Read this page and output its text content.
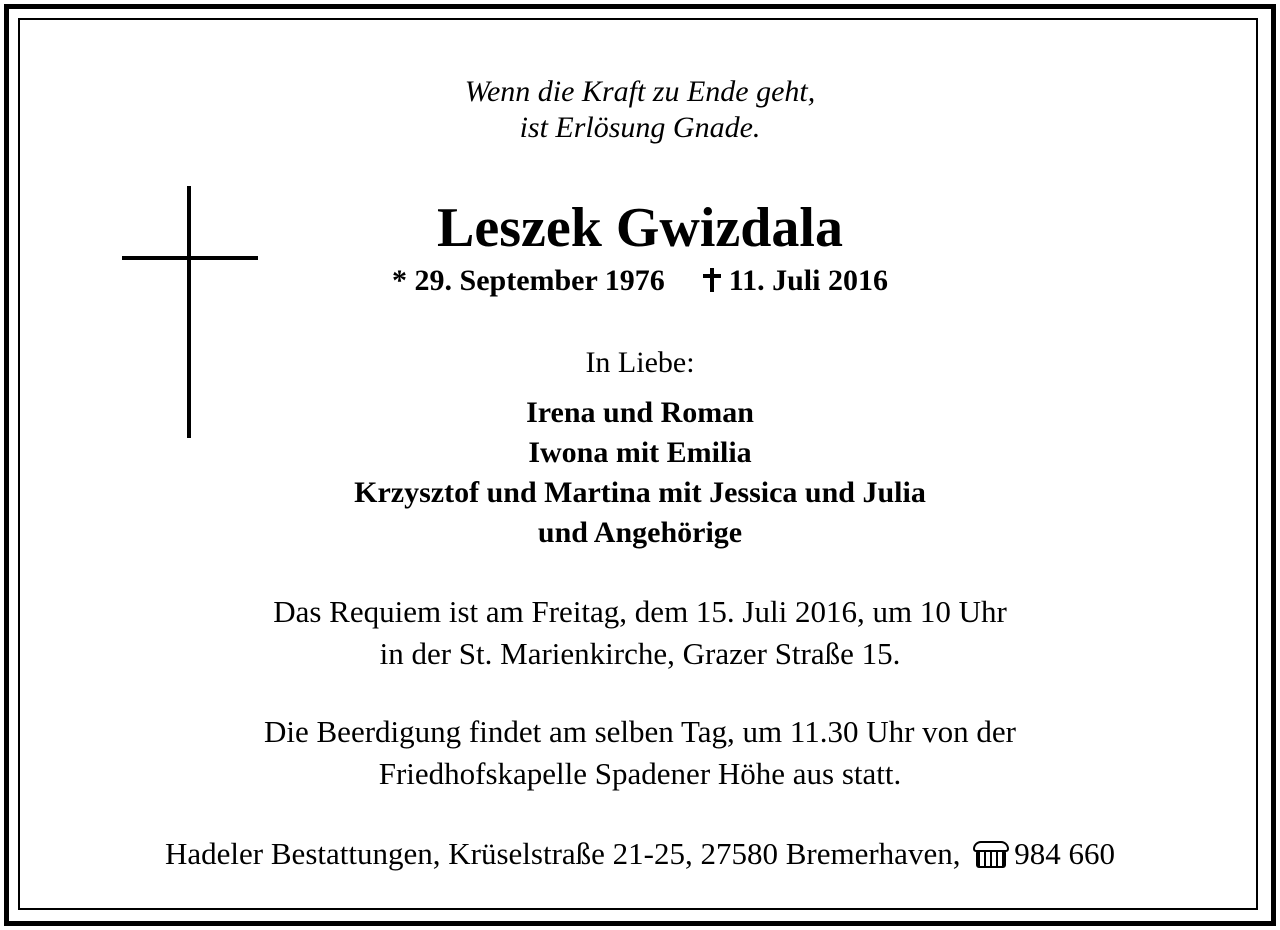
Wenn die Kraft zu Ende geht,
ist Erlösung Gnade.
Leszek Gwizdala
* 29. September 1976 11. Juli 2016
In Liebe:
Irena und Roman
Iwona mit Emilia
Krzysztof und Martina mit Jessica und Julia
und Angehörige
Das Requiem ist am Freitag, dem 15. Juli 2016, um 10 Uhr
in der St. Marienkirche, Grazer Straße 15.
Die Beerdigung findet am selben Tag, um 11.30 Uhr von der
Friedhofskapelle Spadener Höhe aus statt.
Hadeler Bestattungen, Krüselstraße 21-25, 27580 Bremerhaven, 984 660
